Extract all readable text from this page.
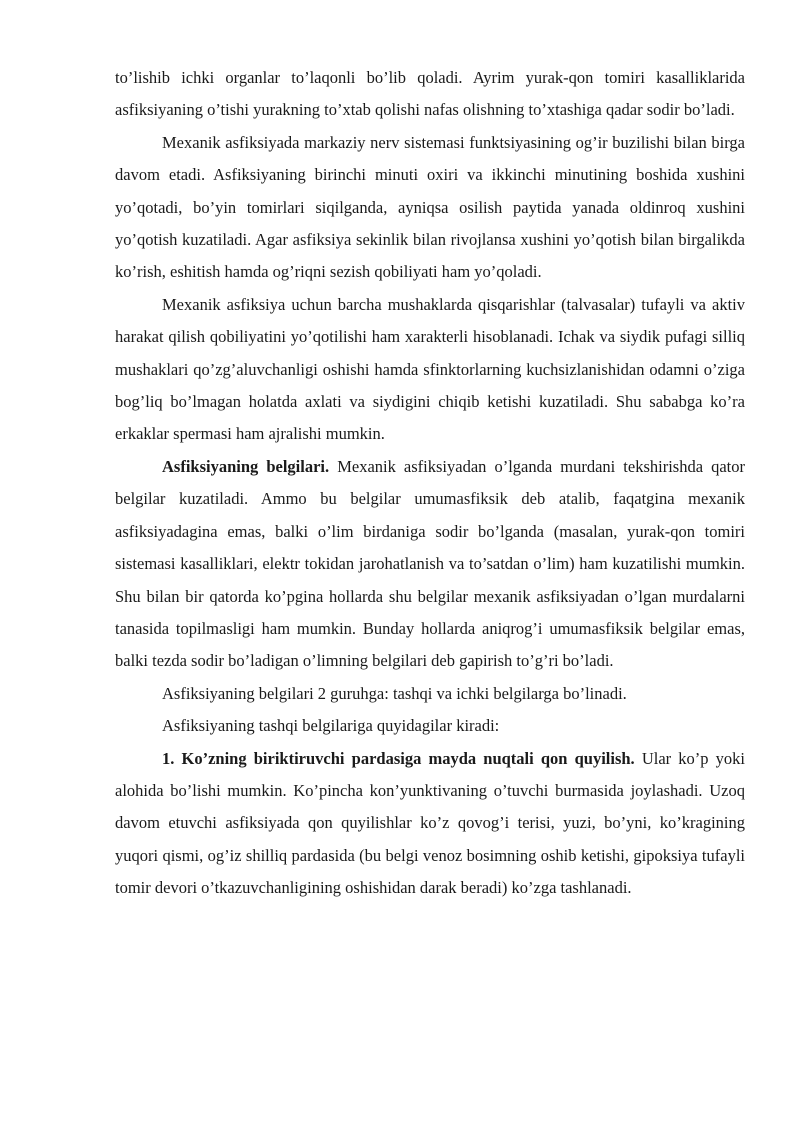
to’lishib ichki organlar to’laqonli bo’lib qoladi. Ayrim yurak-qon tomiri kasalliklarida asfiksiyaning o’tishi yurakning to’xtab qolishi nafas olishning to’xtashiga qadar sodir bo’ladi.

Mexanik asfiksiyada markaziy nerv sistemasi funktsiyasining og’ir buzilishi bilan birga davom etadi. Asfiksiyaning birinchi minuti oxiri va ikkinchi minutining boshida xushini yo’qotadi, bo’yin tomirlari siqilganda, ayniqsa osilish paytida yanada oldinroq xushini yo’qotish kuzatiladi. Agar asfiksiya sekinlik bilan rivojlansa xushini yo’qotish bilan birgalikda ko’rish, eshitish hamda og’riqni sezish qobiliyati ham yo’qoladi.

Mexanik asfiksiya uchun barcha mushaklarda qisqarishlar (talvasalar) tufayli va aktiv harakat qilish qobiliyatini yo’qotilishi ham xarakterli hisoblanadi. Ichak va siydik pufagi silliq mushaklari qo’zg’aluvchanligi oshishi hamda sfinktorlarning kuchsizlanishidan odamni o’ziga bog’liq bo’lmagan holatda axlati va siydigini chiqib ketishi kuzatiladi. Shu sababga ko’ra erkaklar spermasi ham ajralishi mumkin.

Asfiksiyaning belgilari. Mexanik asfiksiyadan o’lganda murdani tekshirishda qator belgilar kuzatiladi. Ammo bu belgilar umumasfiksik deb atalib, faqatgina mexanik asfiksiyadagina emas, balki o’lim birdaniga sodir bo’lganda (masalan, yurak-qon tomiri sistemasi kasalliklari, elektr tokidan jarohatlanish va to’satdan o’lim) ham kuzatilishi mumkin. Shu bilan bir qatorda ko’pgina hollarda shu belgilar mexanik asfiksiyadan o’lgan murdalarni tanasida topilmasligi ham mumkin. Bunday hollarda aniqrog’i umumasfiksik belgilar emas, balki tezda sodir bo’ladigan o’limning belgilari deb gapirish to’g’ri bo’ladi.

Asfiksiyaning belgilari 2 guruhga: tashqi va ichki belgilarga bo’linadi.

Asfiksiyaning tashqi belgilariga quyidagilar kiradi:

1. Ko’zning biriktiruvchi pardasiga mayda nuqtali qon quyilish. Ular ko’p yoki alohida bo’lishi mumkin. Ko’pincha kon’yunktivaning o’tuvchi burmasida joylashadi. Uzoq davom etuvchi asfiksiyada qon quyilishlar ko’z qovog’i terisi, yuzi, bo’yni, ko’kragining yuqori qismi, og’iz shilliq pardasida (bu belgi venoz bosimning oshib ketishi, gipoksiya tufayli tomir devori o’tkazuvchanligining oshishidan darak beradi) ko’zga tashlanadi.
